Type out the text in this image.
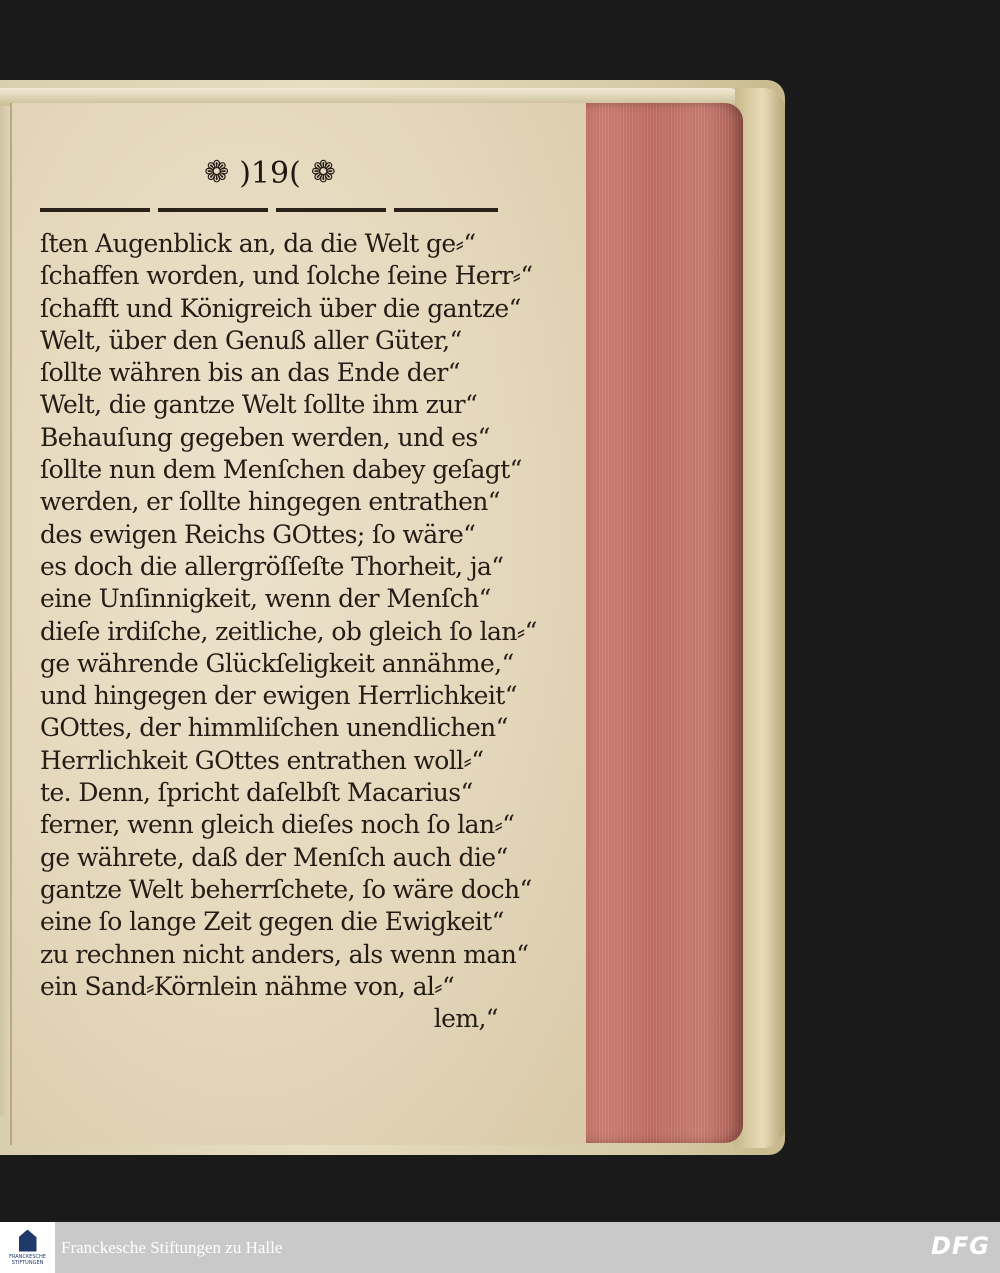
❁ )19( ❁
ſten Augenblick an, da die Welt ge⸗“
ſchaffen worden, und ſolche ſeine Herr⸗“
ſchafft und Königreich über die gantze“
Welt, über den Genuß aller Güter,“
ſollte währen bis an das Ende der“
Welt, die gantze Welt ſollte ihm zur“
Behauſung gegeben werden, und es“
ſollte nun dem Menſchen dabey geſagt“
werden, er ſollte hingegen entrathen“
des ewigen Reichs GOttes; ſo wäre“
es doch die allergröſſeſte Thorheit, ja“
eine Unſinnigkeit, wenn der Menſch“
dieſe irdiſche, zeitliche, ob gleich ſo lan⸗“
ge währende Glückſeligkeit annähme,“
und hingegen der ewigen Herrlichkeit“
GOttes, der himmliſchen unendlichen“
Herrlichkeit GOttes entrathen woll⸗“
te. Denn, ſpricht daſelbſt Macarius“
ferner, wenn gleich dieſes noch ſo lan⸗“
ge währete, daß der Menſch auch die“
gantze Welt beherrſchete, ſo wäre doch“
eine ſo lange Zeit gegen die Ewigkeit“
zu rechnen nicht anders, als wenn man“
ein Sand⸗Körnlein nähme von, al⸗“
lem,“
FRANCKESCHE
STIFTUNGEN
Franckesche Stiftungen zu Halle	DFG
